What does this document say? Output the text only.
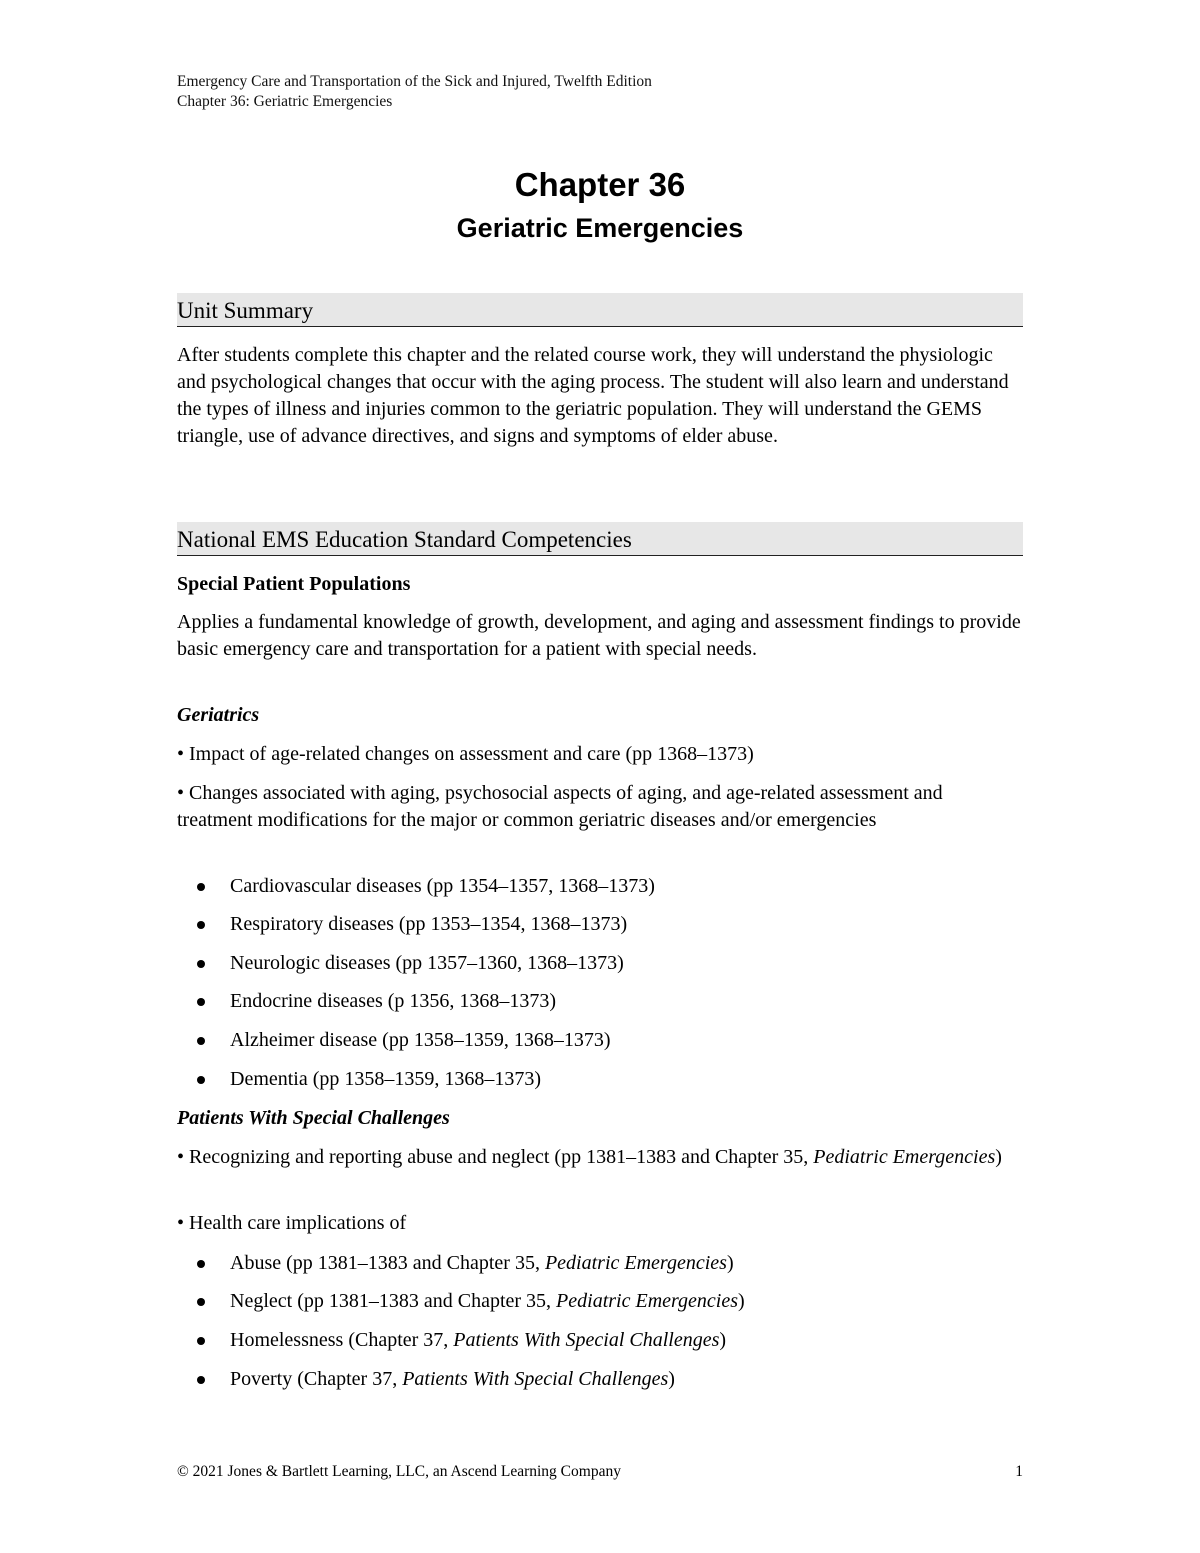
Emergency Care and Transportation of the Sick and Injured, Twelfth Edition
Chapter 36: Geriatric Emergencies
Chapter 36
Geriatric Emergencies
Unit Summary
After students complete this chapter and the related course work, they will understand the physiologic and psychological changes that occur with the aging process. The student will also learn and understand the types of illness and injuries common to the geriatric population. They will understand the GEMS triangle, use of advance directives, and signs and symptoms of elder abuse.
National EMS Education Standard Competencies
Special Patient Populations
Applies a fundamental knowledge of growth, development, and aging and assessment findings to provide basic emergency care and transportation for a patient with special needs.
Geriatrics
• Impact of age-related changes on assessment and care (pp 1368–1373)
• Changes associated with aging, psychosocial aspects of aging, and age-related assessment and treatment modifications for the major or common geriatric diseases and/or emergencies
Cardiovascular diseases (pp 1354–1357, 1368–1373)
Respiratory diseases (pp 1353–1354, 1368–1373)
Neurologic diseases (pp 1357–1360, 1368–1373)
Endocrine diseases (p 1356, 1368–1373)
Alzheimer disease (pp 1358–1359, 1368–1373)
Dementia (pp 1358–1359, 1368–1373)
Patients With Special Challenges
• Recognizing and reporting abuse and neglect (pp 1381–1383 and Chapter 35, Pediatric Emergencies)
• Health care implications of
Abuse (pp 1381–1383 and Chapter 35, Pediatric Emergencies)
Neglect (pp 1381–1383 and Chapter 35, Pediatric Emergencies)
Homelessness (Chapter 37, Patients With Special Challenges)
Poverty (Chapter 37, Patients With Special Challenges)
© 2021 Jones & Bartlett Learning, LLC, an Ascend Learning Company	1
